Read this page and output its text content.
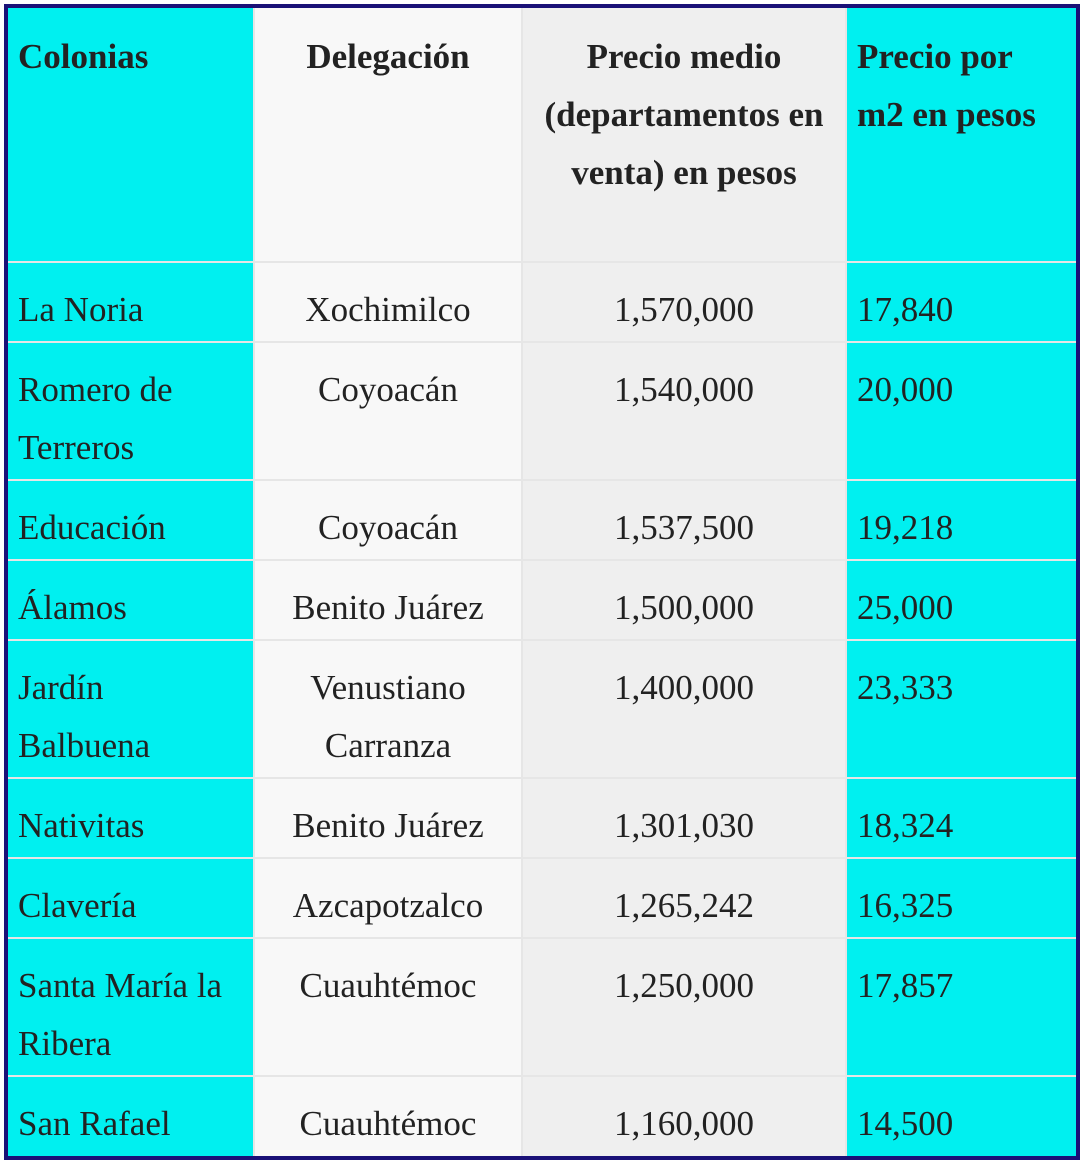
Colonias	Delegación	Precio medio (departamentos en venta) en pesos	Precio por m2 en pesos
La Noria	Xochimilco	1,570,000	17,840
Romero de Terreros	Coyoacán	1,540,000	20,000
Educación	Coyoacán	1,537,500	19,218
Álamos	Benito Juárez	1,500,000	25,000
Jardín Balbuena	Venustiano Carranza	1,400,000	23,333
Nativitas	Benito Juárez	1,301,030	18,324
Clavería	Azcapotzalco	1,265,242	16,325
Santa María la Ribera	Cuauhtémoc	1,250,000	17,857
San Rafael	Cuauhtémoc	1,160,000	14,500
